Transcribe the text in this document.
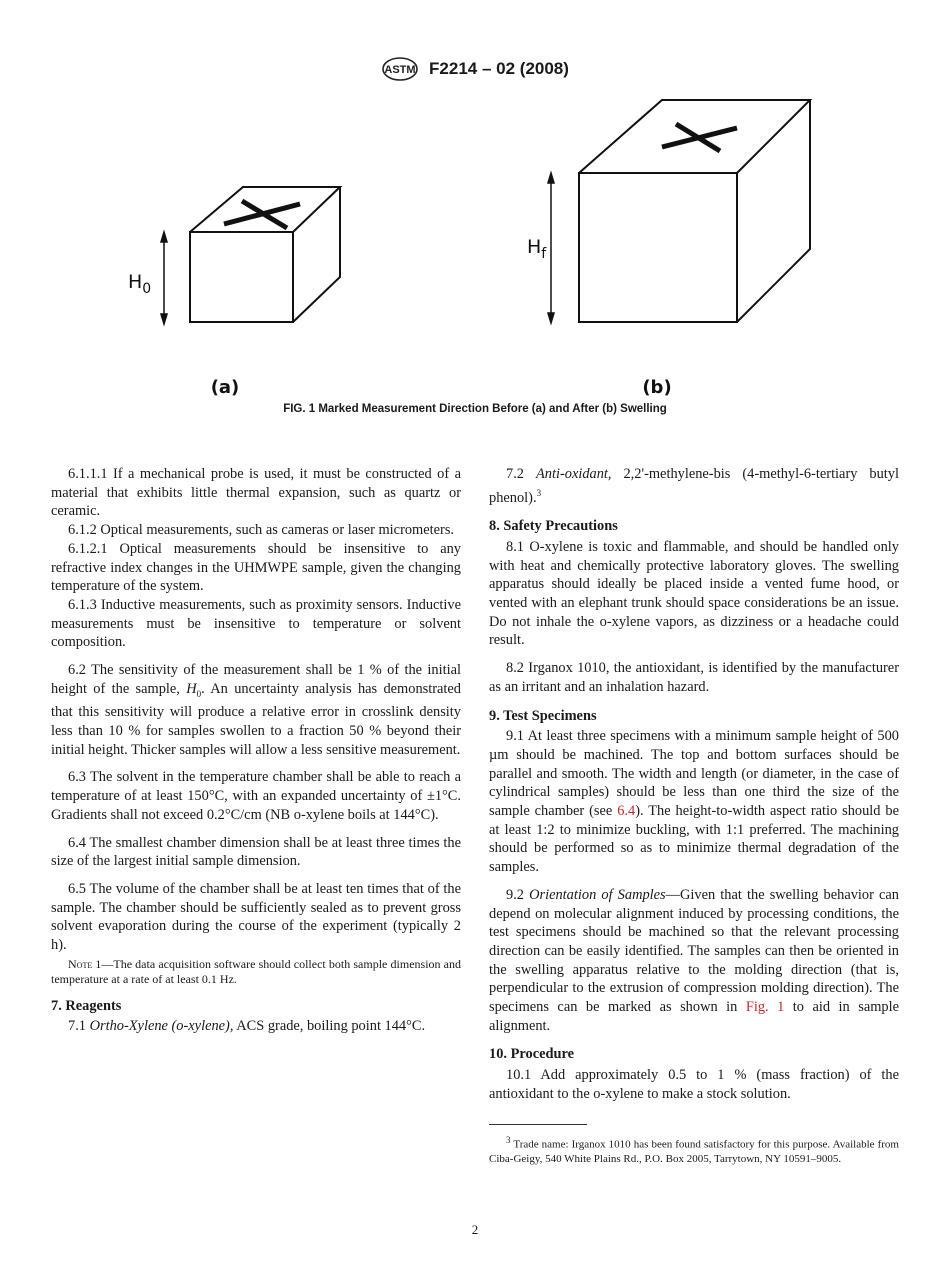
ASTM F2214 – 02 (2008)
$H_0$
$H_f$
(a)	(b)
FIG. 1 Marked Measurement Direction Before (a) and After (b) Swelling

6.1.1.1 If a mechanical probe is used, it must be constructed of a material that exhibits little thermal expansion, such as quartz or ceramic.

6.1.2 Optical measurements, such as cameras or laser micrometers.

6.1.2.1 Optical measurements should be insensitive to any refractive index changes in the UHMWPE sample, given the changing temperature of the system.

6.1.3 Inductive measurements, such as proximity sensors. Inductive measurements must be insensitive to temperature or solvent composition.

6.2 The sensitivity of the measurement shall be 1 % of the initial height of the sample, $H_0$. An uncertainty analysis has demonstrated that this sensitivity will produce a relative error in crosslink density less than 10 % for samples swollen to a fraction 50 % beyond their initial height. Thicker samples will allow a less sensitive measurement.

6.3 The solvent in the temperature chamber shall be able to reach a temperature of at least 150°C, with an expanded uncertainty of ±1°C. Gradients shall not exceed 0.2°C/cm (NB o-xylene boils at 144°C).

6.4 The smallest chamber dimension shall be at least three times the size of the largest initial sample dimension.

6.5 The volume of the chamber shall be at least ten times that of the sample. The chamber should be sufficiently sealed as to prevent gross solvent evaporation during the course of the experiment (typically 2 h).

Note 1—The data acquisition software should collect both sample dimension and temperature at a rate of at least 0.1 Hz.

7. Reagents

7.1 Ortho-Xylene (o-xylene), ACS grade, boiling point 144°C.

7.2 Anti-oxidant, 2,2'-methylene-bis (4-methyl-6-tertiary butyl phenol).$^3$

8. Safety Precautions

8.1 O-xylene is toxic and flammable, and should be handled only with heat and chemically protective laboratory gloves. The swelling apparatus should ideally be placed inside a vented fume hood, or vented with an elephant trunk should space considerations be an issue. Do not inhale the o-xylene vapors, as dizziness or a headache could result.

8.2 Irganox 1010, the antioxidant, is identified by the manufacturer as an irritant and an inhalation hazard.

9. Test Specimens

9.1 At least three specimens with a minimum sample height of 500 µm should be machined. The top and bottom surfaces should be parallel and smooth. The width and length (or diameter, in the case of cylindrical samples) should be less than one third the size of the sample chamber (see 6.4). The height-to-width aspect ratio should be at least 1:2 to minimize buckling, with 1:1 preferred. The machining should be performed so as to minimize thermal degradation of the samples.

9.2 Orientation of Samples—Given that the swelling behavior can depend on molecular alignment induced by processing conditions, the test specimens should be machined so that the relevant processing direction can be easily identified. The samples can then be oriented in the swelling apparatus relative to the molding direction (that is, perpendicular to the extrusion of compression molding direction). The specimens can be marked as shown in Fig. 1 to aid in sample alignment.

10. Procedure

10.1 Add approximately 0.5 to 1 % (mass fraction) of the antioxidant to the o-xylene to make a stock solution.

$^3$ Trade name: Irganox 1010 has been found satisfactory for this purpose. Available from Ciba-Geigy, 540 White Plains Rd., P.O. Box 2005, Tarrytown, NY 10591–9005.

2
